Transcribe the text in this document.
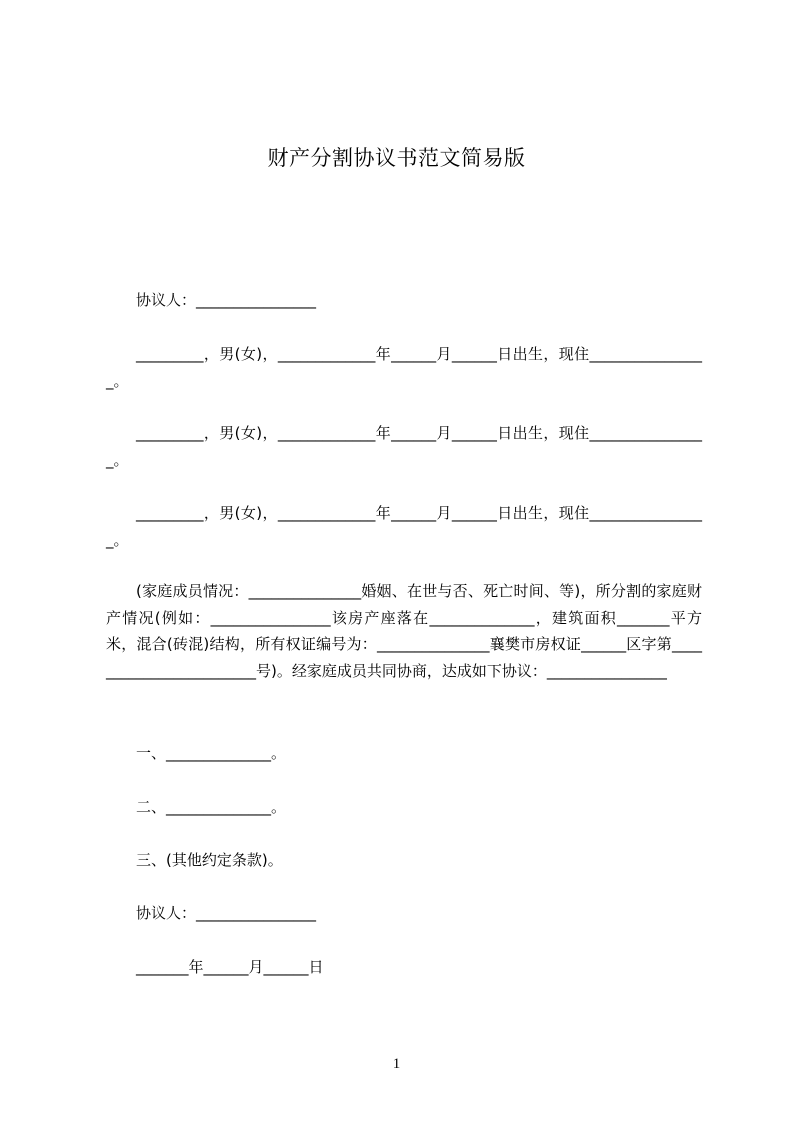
财产分割协议书范文简易版

协议人：________________

_________，男(女)，_____________年______月______日出生，现住________________。

_________，男(女)，_____________年______月______日出生，现住________________。

_________，男(女)，_____________年______月______日出生，现住________________。

(家庭成员情况：_______________婚姻、在世与否、死亡时间、等)，所分割的家庭财产情况(例如：________________该房产座落在______________，建筑面积_______平方米，混合(砖混)结构，所有权证编号为：_______________襄樊市房权证______区字第________________________号)。经家庭成员共同协商，达成如下协议：________________

一、______________。

二、______________。

三、(其他约定条款)。

协议人：________________

_______年______月______日

1
